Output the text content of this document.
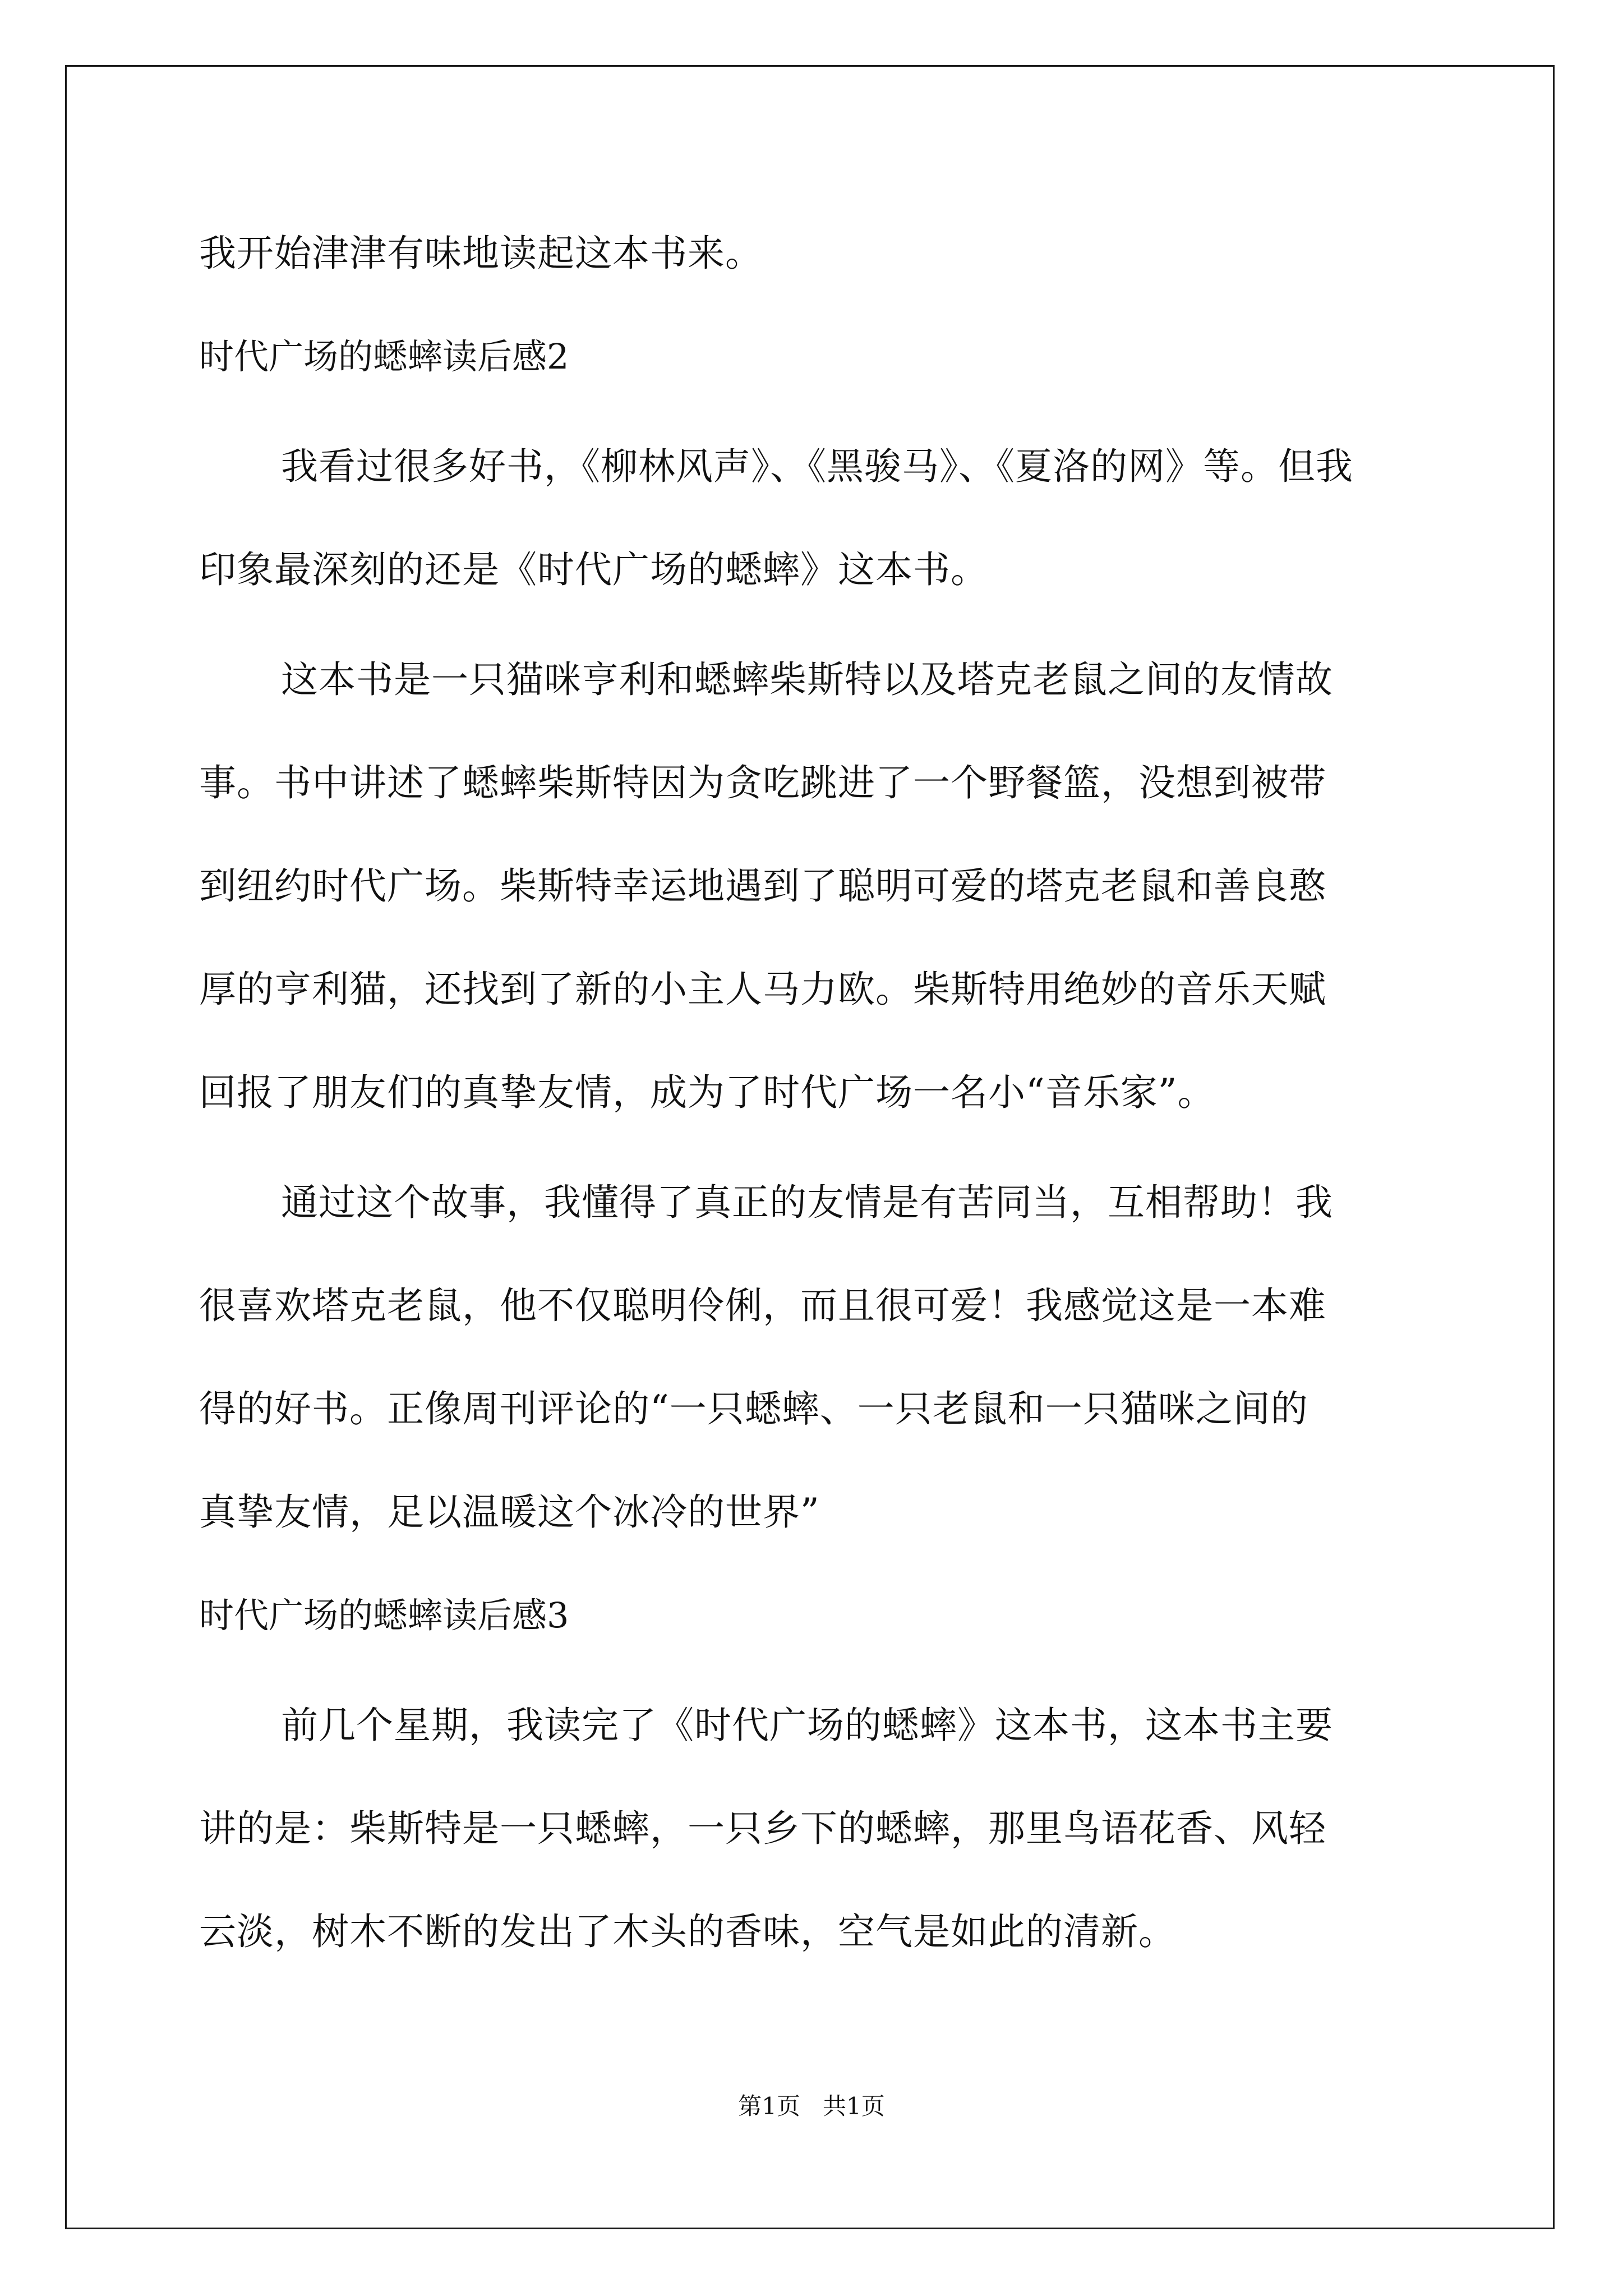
我开始津津有味地读起这本书来。
时代广场的蟋蟀读后感2
我看过很多好书，《柳林风声》、《黑骏马》、《夏洛的网》等。但我
印象最深刻的还是《时代广场的蟋蟀》这本书。
这本书是一只猫咪亨利和蟋蟀柴斯特以及塔克老鼠之间的友情故
事。书中讲述了蟋蟀柴斯特因为贪吃跳进了一个野餐篮，没想到被带
到纽约时代广场。柴斯特幸运地遇到了聪明可爱的塔克老鼠和善良憨
厚的亨利猫，还找到了新的小主人马力欧。柴斯特用绝妙的音乐天赋
回报了朋友们的真挚友情，成为了时代广场一名小“音乐家”。
通过这个故事，我懂得了真正的友情是有苦同当，互相帮助！我
很喜欢塔克老鼠，他不仅聪明伶俐，而且很可爱！我感觉这是一本难
得的好书。正像周刊评论的“一只蟋蟀、一只老鼠和一只猫咪之间的
真挚友情，足以温暖这个冰冷的世界”
时代广场的蟋蟀读后感3
前几个星期，我读完了《时代广场的蟋蟀》这本书，这本书主要
讲的是：柴斯特是一只蟋蟀，一只乡下的蟋蟀，那里鸟语花香、风轻
云淡，树木不断的发出了木头的香味，空气是如此的清新。
第1页   共1页
